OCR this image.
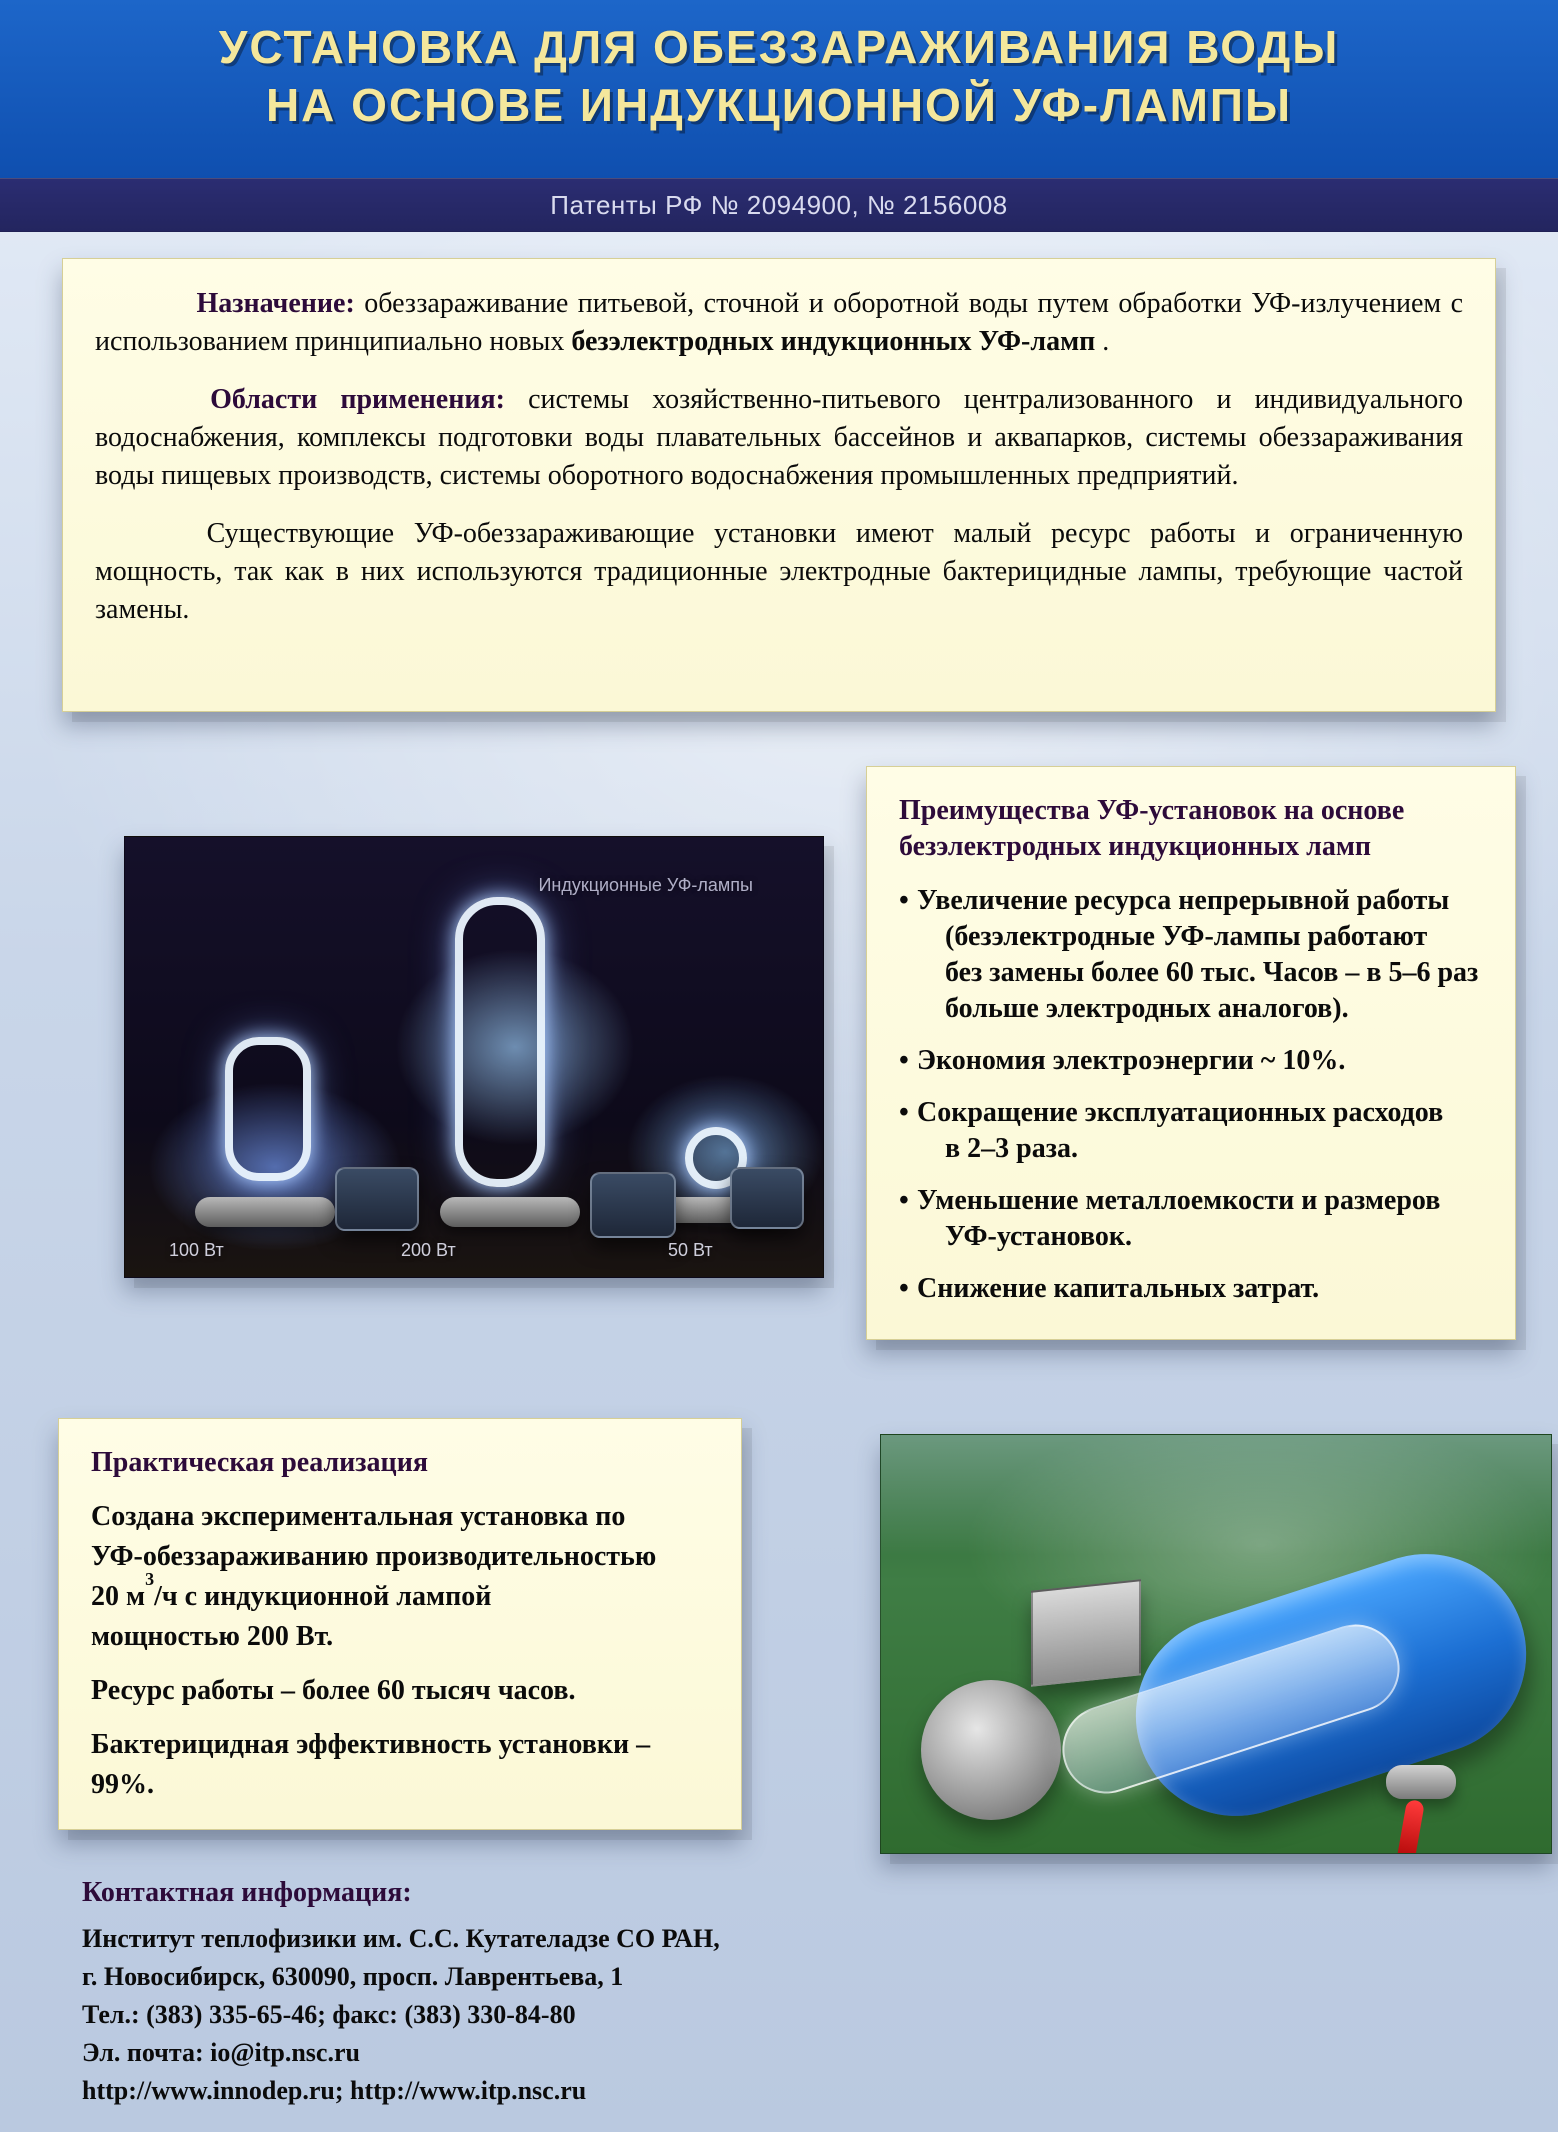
УСТАНОВКА ДЛЯ ОБЕЗЗАРАЖИВАНИЯ ВОДЫ
НА ОСНОВЕ ИНДУКЦИОННОЙ УФ-ЛАМПЫ
Патенты РФ № 2094900, № 2156008

Назначение: обеззараживание питьевой, сточной и оборотной воды путем обработки УФ-излучением с использованием принципиально новых безэлектродных индукционных УФ-ламп .

Области применения: системы хозяйственно-питьевого централизованного и индивидуального водоснабжения, комплексы подготовки воды плавательных бассейнов и аквапарков, системы обеззараживания воды пищевых производств, системы оборотного водоснабжения промышленных предприятий.

Существующие УФ-обеззараживающие установки имеют малый ресурс работы и ограниченную мощность, так как в них используются традиционные электродные бактерицидные лампы, требующие частой замены.

Индукционные УФ-лампы
100 Вт	200 Вт	50 Вт
Преимущества УФ-установок на основе безэлектродных индукционных ламп
• Увеличение ресурса непрерывной работы
(безэлектродные УФ-лампы работают
без замены более 60 тыс. Часов – в 5–6 раз
больше электродных аналогов).
• Экономия электроэнергии ~ 10%.
• Сокращение эксплуатационных расходов
в 2–3 раза.
• Уменьшение металлоемкости и размеров
УФ-установок.
• Снижение капитальных затрат.
Практическая реализация

Создана экспериментальная установка по
УФ-обеззараживанию производительностью
20 $м^3/ч$ с индукционной лампой
мощностью 200 Вт.

Ресурс работы – более 60 тысяч часов.

Бактерицидная эффективность установки – 99%.

Контактная информация:
Институт теплофизики им. С.С. Кутателадзе СО РАН,
г. Новосибирск, 630090, просп. Лаврентьева, 1
Тел.: (383) 335-65-46; факс: (383) 330-84-80
Эл. почта: io@itp.nsc.ru
http://www.innodep.ru; http://www.itp.nsc.ru
